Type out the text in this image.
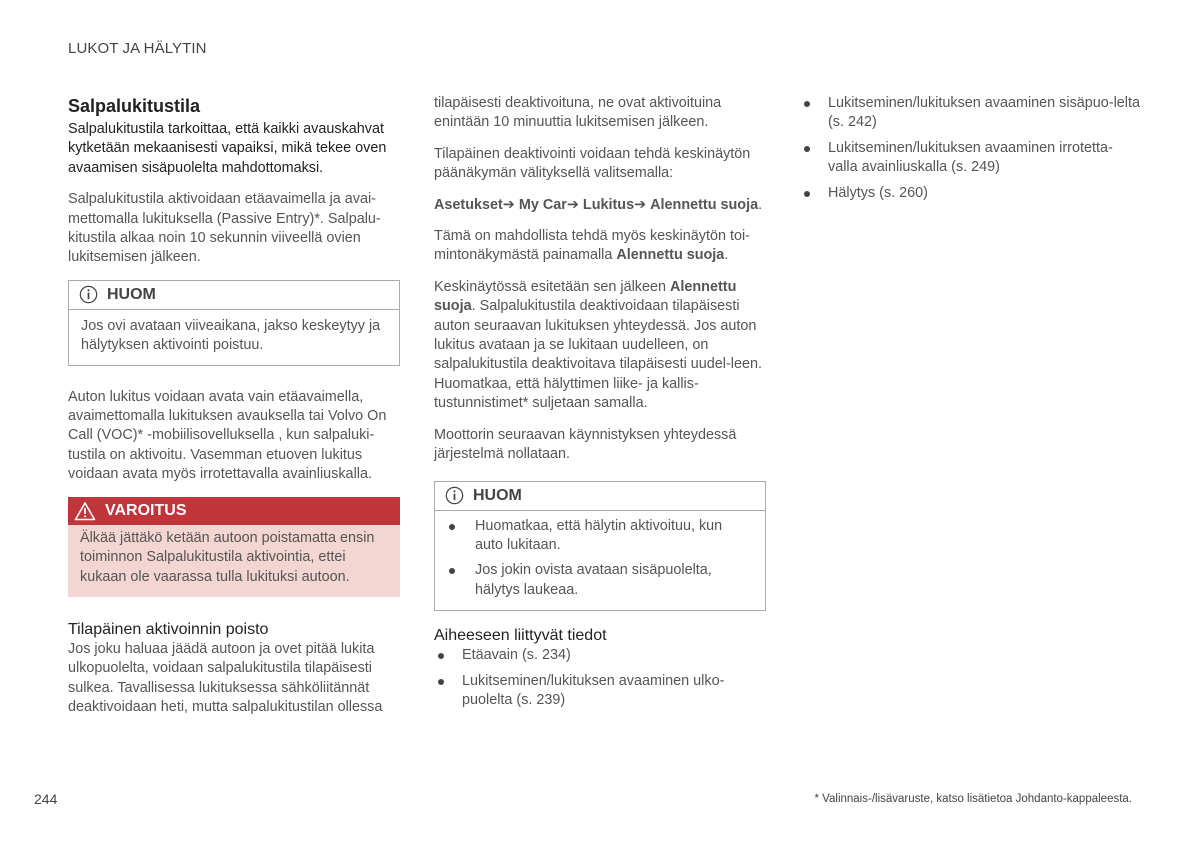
LUKOT JA HÄLYTIN
Salpalukitustila

Salpalukitustila tarkoittaa, että kaikki avauskahvat kytketään mekaanisesti vapaiksi, mikä tekee oven avaamisen sisäpuolelta mahdottomaksi.

Salpalukitustila aktivoidaan etäavaimella ja avai-mettomalla lukituksella (Passive Entry)*. Salpalu-kitustila alkaa noin 10 sekunnin viiveellä ovien lukitsemisen jälkeen.

HUOM

Jos ovi avataan viiveaikana, jakso keskeytyy ja hälytyksen aktivointi poistuu.

Auton lukitus voidaan avata vain etäavaimella, avaimettomalla lukituksen avauksella tai Volvo On Call (VOC)* -mobiilisovelluksella , kun salpaluki-tustila on aktivoitu. Vasemman etuoven lukitus voidaan avata myös irrotettavalla avainliuskalla.

VAROITUS

Älkää jättäkö ketään autoon poistamatta ensin toiminnon Salpalukitustila aktivointia, ettei kukaan ole vaarassa tulla lukituksi autoon.

Tilapäinen aktivoinnin poisto

Jos joku haluaa jäädä autoon ja ovet pitää lukita ulkopuolelta, voidaan salpalukitustila tilapäisesti sulkea. Tavallisessa lukituksessa sähköliitännät deaktivoidaan heti, mutta salpalukitustilan ollessa

tilapäisesti deaktivoituna, ne ovat aktivoituina enintään 10 minuuttia lukitsemisen jälkeen.

Tilapäinen deaktivointi voidaan tehdä keskinäytön päänäkymän välityksellä valitsemalla:

Asetukset➔ My Car➔ Lukitus➔ Alennettu suoja.

Tämä on mahdollista tehdä myös keskinäytön toi-mintonäkymästä painamalla Alennettu suoja.

Keskinäytössä esitetään sen jälkeen Alennettu suoja. Salpalukitustila deaktivoidaan tilapäisesti auton seuraavan lukituksen yhteydessä. Jos auton lukitus avataan ja se lukitaan uudelleen, on salpalukitustila deaktivoitava tilapäisesti uudel-leen. Huomatkaa, että hälyttimen liike- ja kallis-tustunnistimet* suljetaan samalla.

Moottorin seuraavan käynnistyksen yhteydessä järjestelmä nollataan.

HUOM
Huomatkaa, että hälytin aktivoituu, kun auto lukitaan.
Jos jokin ovista avataan sisäpuolelta, hälytys laukeaa.
Aiheeseen liittyvät tiedot
Etäavain (s. 234)
Lukitseminen/lukituksen avaaminen ulko-puolelta (s. 239)
Lukitseminen/lukituksen avaaminen sisäpuo-lelta (s. 242)
Lukitseminen/lukituksen avaaminen irrotetta-valla avainliuskalla (s. 249)
Hälytys (s. 260)
244	* Valinnais-/lisävaruste, katso lisätietoa Johdanto-kappaleesta.
